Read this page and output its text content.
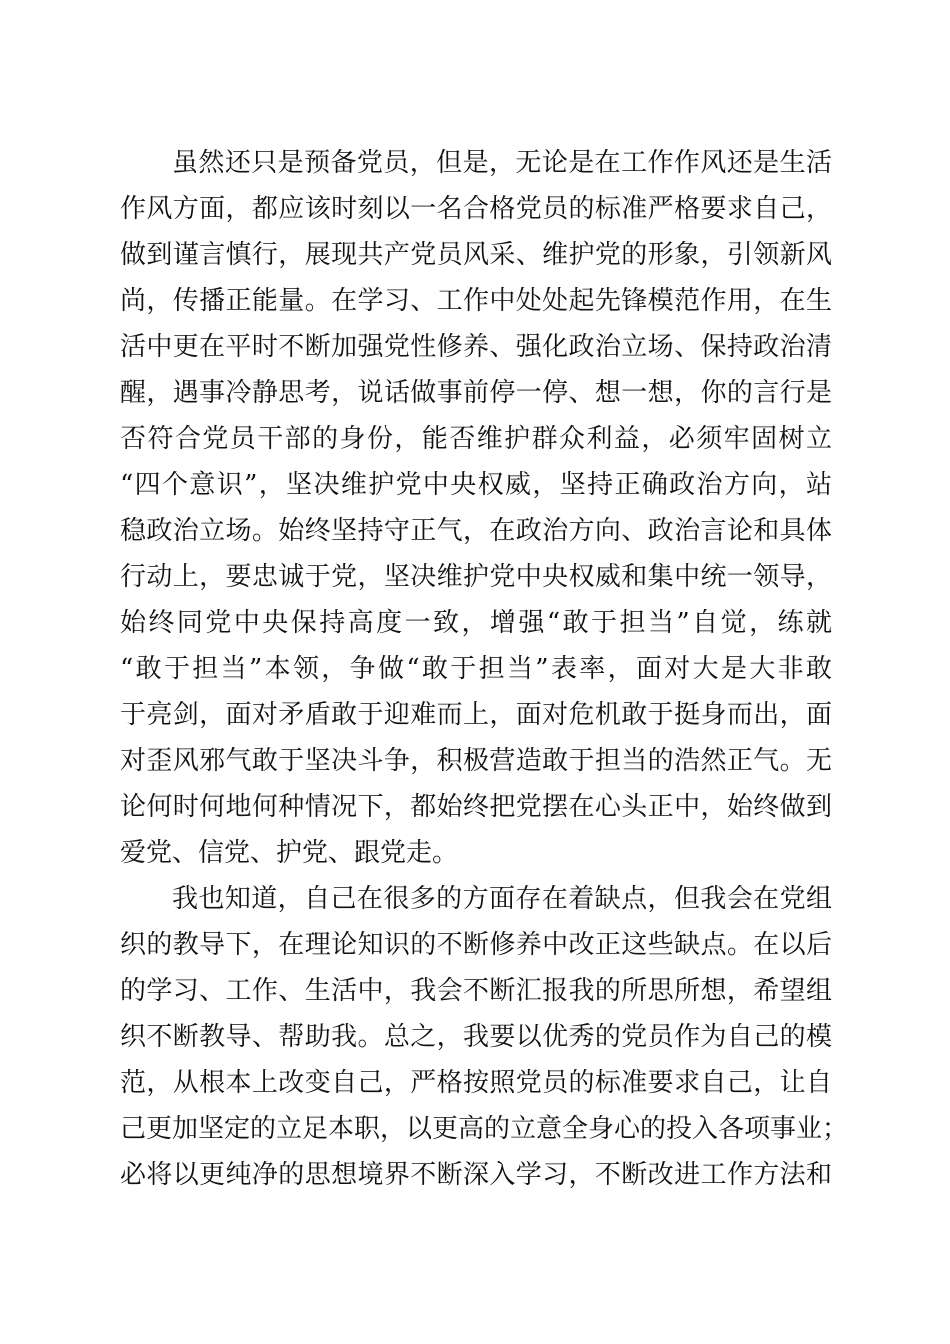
虽然还只是预备党员，但是，无论是在工作作风还是生活
作风方面，都应该时刻以一名合格党员的标准严格要求自己，
做到谨言慎行，展现共产党员风采、维护党的形象，引领新风
尚，传播正能量。在学习、工作中处处起先锋模范作用，在生
活中更在平时不断加强党性修养、强化政治立场、保持政治清
醒，遇事冷静思考，说话做事前停一停、想一想，你的言行是
否符合党员干部的身份，能否维护群众利益，必须牢固树立
“四个意识”，坚决维护党中央权威，坚持正确政治方向，站
稳政治立场。始终坚持守正气，在政治方向、政治言论和具体
行动上，要忠诚于党，坚决维护党中央权威和集中统一领导，
始终同党中央保持高度一致，增强“敢于担当”自觉，练就
“敢于担当”本领，争做“敢于担当”表率，面对大是大非敢
于亮剑，面对矛盾敢于迎难而上，面对危机敢于挺身而出，面
对歪风邪气敢于坚决斗争，积极营造敢于担当的浩然正气。无
论何时何地何种情况下，都始终把党摆在心头正中，始终做到
爱党、信党、护党、跟党走。
我也知道，自己在很多的方面存在着缺点，但我会在党组
织的教导下，在理论知识的不断修养中改正这些缺点。在以后
的学习、工作、生活中，我会不断汇报我的所思所想，希望组
织不断教导、帮助我。总之，我要以优秀的党员作为自己的模
范，从根本上改变自己，严格按照党员的标准要求自己，让自
己更加坚定的立足本职，以更高的立意全身心的投入各项事业；
必将以更纯净的思想境界不断深入学习，不断改进工作方法和
